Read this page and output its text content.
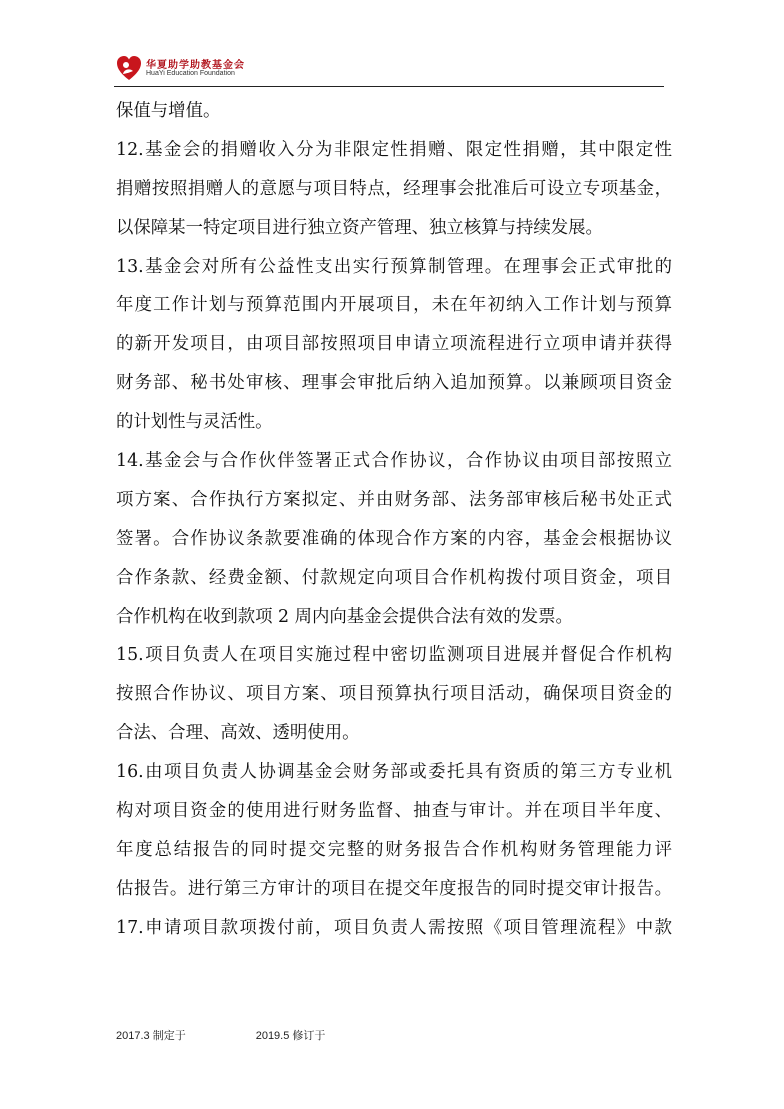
华夏助学助教基金会
HuaYi Education Foundation
保值与增值。
12.基金会的捐赠收入分为非限定性捐赠、限定性捐赠，其中限定性
捐赠按照捐赠人的意愿与项目特点，经理事会批准后可设立专项基金，
以保障某一特定项目进行独立资产管理、独立核算与持续发展。
13.基金会对所有公益性支出实行预算制管理。在理事会正式审批的
年度工作计划与预算范围内开展项目，未在年初纳入工作计划与预算
的新开发项目，由项目部按照项目申请立项流程进行立项申请并获得
财务部、秘书处审核、理事会审批后纳入追加预算。以兼顾项目资金
的计划性与灵活性。
14.基金会与合作伙伴签署正式合作协议，合作协议由项目部按照立
项方案、合作执行方案拟定、并由财务部、法务部审核后秘书处正式
签署。合作协议条款要准确的体现合作方案的内容，基金会根据协议
合作条款、经费金额、付款规定向项目合作机构拨付项目资金，项目
合作机构在收到款项 2 周内向基金会提供合法有效的发票。
15.项目负责人在项目实施过程中密切监测项目进展并督促合作机构
按照合作协议、项目方案、项目预算执行项目活动，确保项目资金的
合法、合理、高效、透明使用。
16.由项目负责人协调基金会财务部或委托具有资质的第三方专业机
构对项目资金的使用进行财务监督、抽查与审计。并在项目半年度、
年度总结报告的同时提交完整的财务报告合作机构财务管理能力评
估报告。进行第三方审计的项目在提交年度报告的同时提交审计报告。
17.申请项目款项拨付前，项目负责人需按照《项目管理流程》中款
2017.3 制定于	2019.5 修订于
